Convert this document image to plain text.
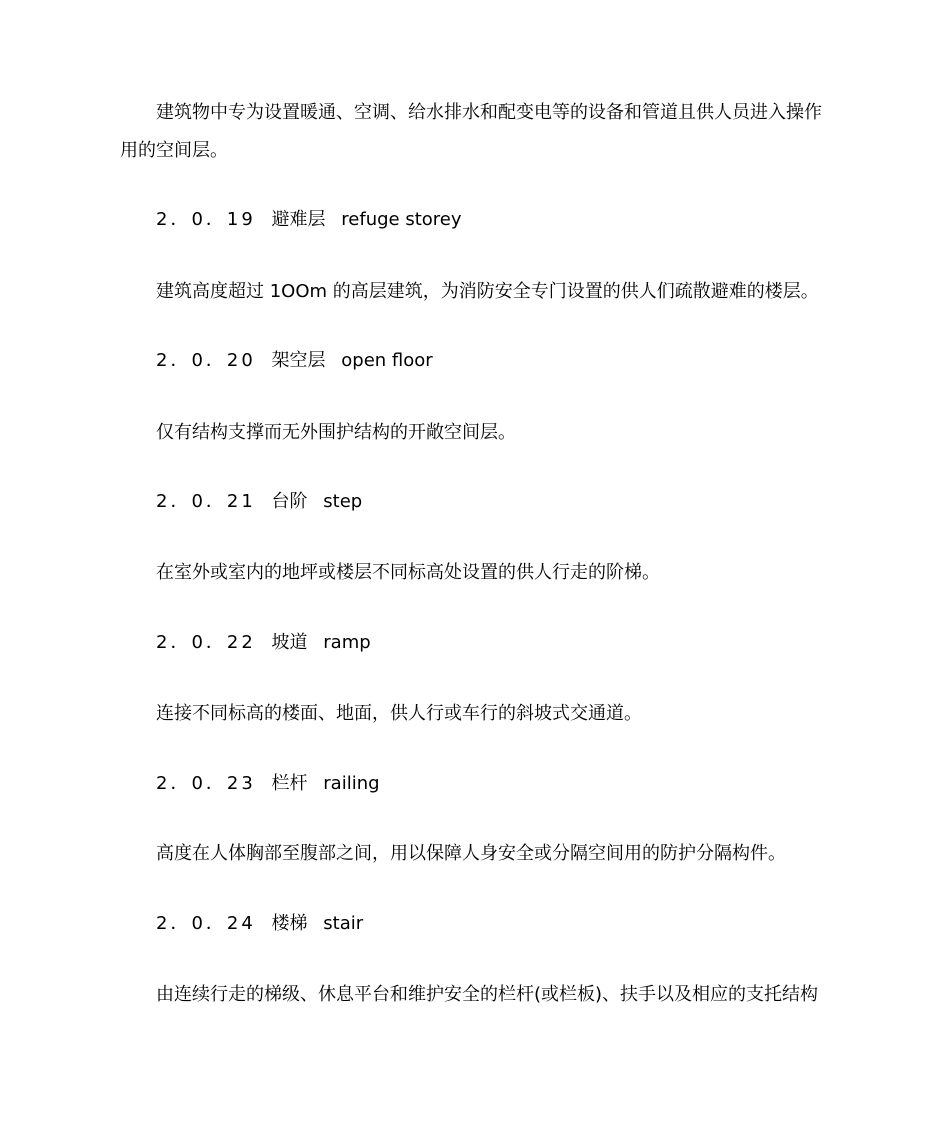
建筑物中专为设置暖通、空调、给水排水和配变电等的设备和管道且供人员进入操作
用的空间层。
2．0．19 避难层 refuge storey
建筑高度超过 1OOm 的高层建筑，为消防安全专门设置的供人们疏散避难的楼层。
2．0．20 架空层 open floor
仅有结构支撑而无外围护结构的开敞空间层。
2．0．21 台阶 step
在室外或室内的地坪或楼层不同标高处设置的供人行走的阶梯。
2．0．22 坡道 ramp
连接不同标高的楼面、地面，供人行或车行的斜坡式交通道。
2．0．23 栏杆 railing
高度在人体胸部至腹部之间，用以保障人身安全或分隔空间用的防护分隔构件。
2．0．24 楼梯 stair
由连续行走的梯级、休息平台和维护安全的栏杆(或栏板)、扶手以及相应的支托结构
